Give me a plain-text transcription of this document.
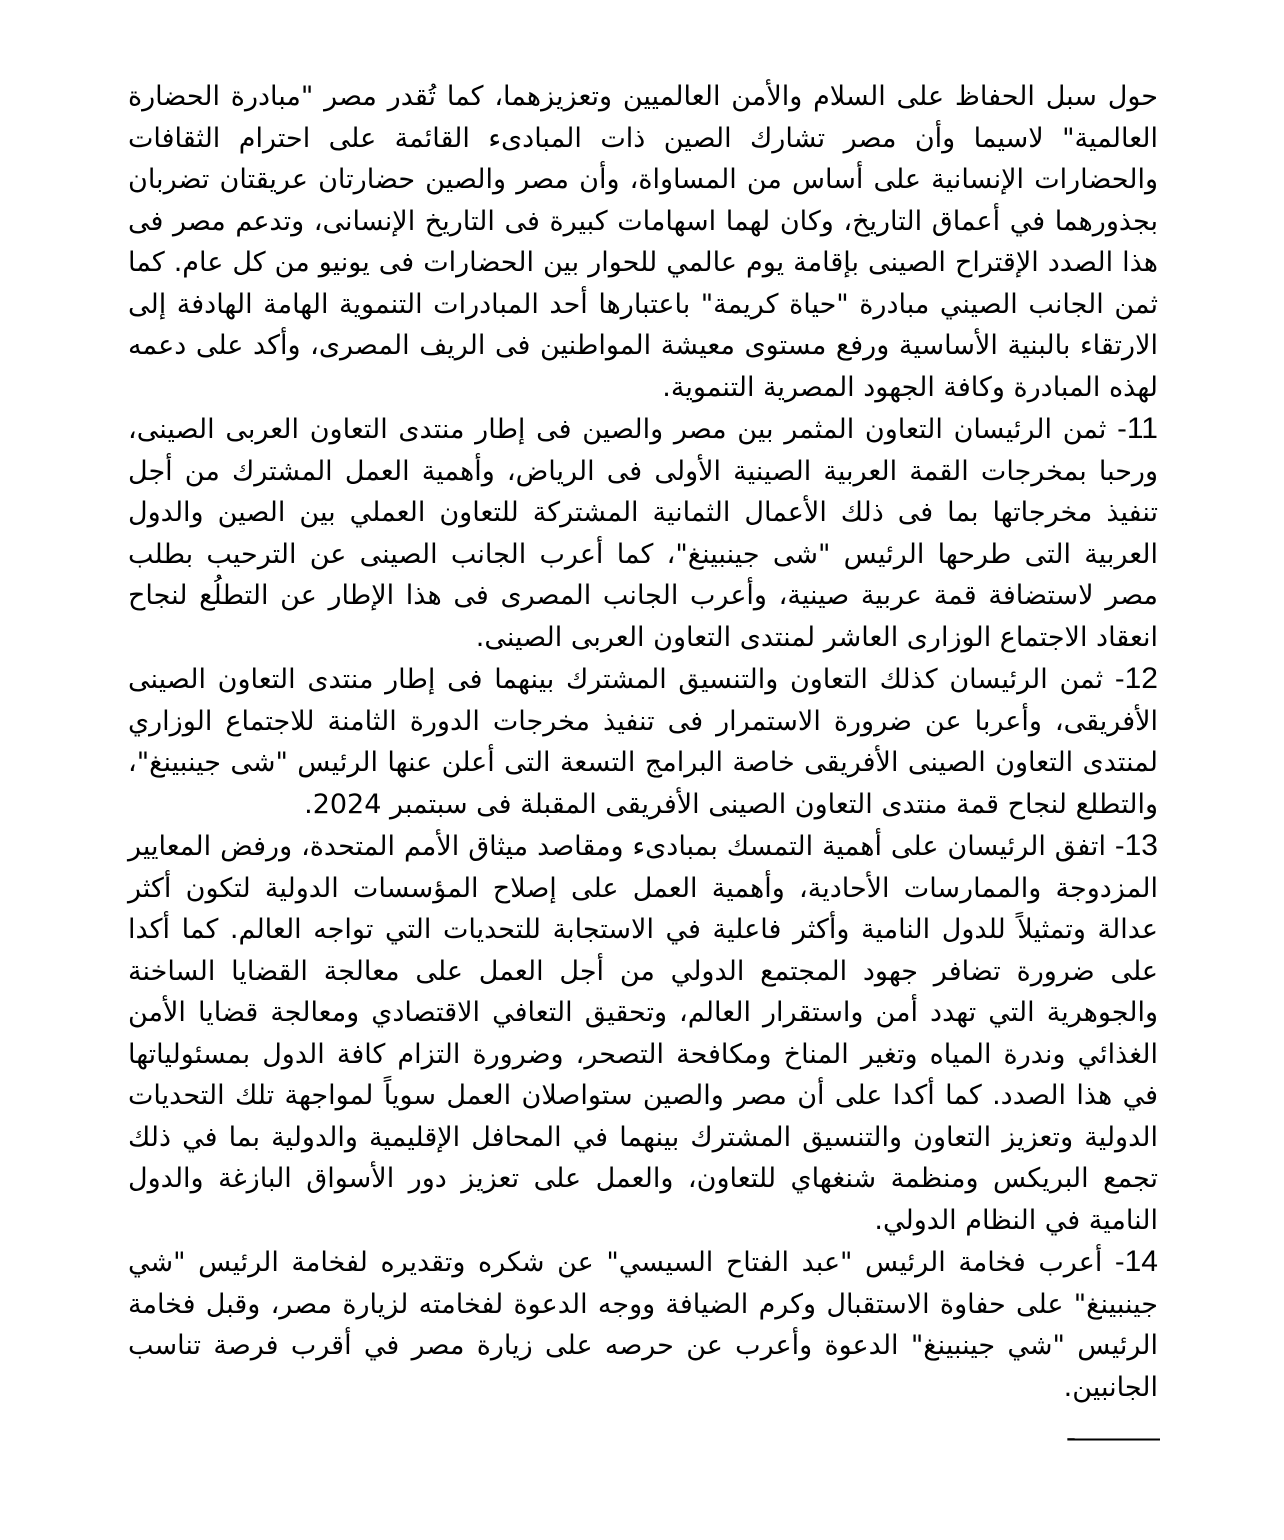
حول سبل الحفاظ على السلام والأمن العالميين وتعزيزهما، كما تُقدر مصر "مبادرة الحضارة العالمية" لاسيما وأن مصر تشارك الصين ذات المبادىء القائمة على احترام الثقافات والحضارات الإنسانية على أساس من المساواة، وأن مصر والصين حضارتان عريقتان تضربان بجذورهما في أعماق التاريخ، وكان لهما اسهامات كبيرة فى التاريخ الإنسانى، وتدعم مصر فى هذا الصدد الإقتراح الصينى بإقامة يوم عالمي للحوار بين الحضارات فى يونيو من كل عام. كما ثمن الجانب الصيني مبادرة "حياة كريمة" باعتبارها أحد المبادرات التنموية الهامة الهادفة إلى الارتقاء بالبنية الأساسية ورفع مستوى معيشة المواطنين فى الريف المصرى، وأكد على دعمه لهذه المبادرة وكافة الجهود المصرية التنموية.

11- ثمن الرئيسان التعاون المثمر بين مصر والصين فى إطار منتدى التعاون العربى الصينى، ورحبا بمخرجات القمة العربية الصينية الأولى فى الرياض، وأهمية العمل المشترك من أجل تنفيذ مخرجاتها بما فى ذلك الأعمال الثمانية المشتركة للتعاون العملي بين الصين والدول العربية التى طرحها الرئيس "شى جينبينغ"، كما أعرب الجانب الصينى عن الترحيب بطلب مصر لاستضافة قمة عربية صينية، وأعرب الجانب المصرى فى هذا الإطار عن التطلُع لنجاح انعقاد الاجتماع الوزارى العاشر لمنتدى التعاون العربى الصينى.

12- ثمن الرئيسان كذلك التعاون والتنسيق المشترك بينهما فى إطار منتدى التعاون الصينى الأفريقى، وأعربا عن ضرورة الاستمرار فى تنفيذ مخرجات الدورة الثامنة للاجتماع الوزاري لمنتدى التعاون الصينى الأفريقى خاصة البرامج التسعة التى أعلن عنها الرئيس "شى جينبينغ"، والتطلع لنجاح قمة منتدى التعاون الصينى الأفريقى المقبلة فى سبتمبر 2024.

13- اتفق الرئيسان على أهمية التمسك بمبادىء ومقاصد ميثاق الأمم المتحدة، ورفض المعايير المزدوجة والممارسات الأحادية، وأهمية العمل على إصلاح المؤسسات الدولية لتكون أكثر عدالة وتمثيلاً للدول النامية وأكثر فاعلية في الاستجابة للتحديات التي تواجه العالم. كما أكدا على ضرورة تضافر جهود المجتمع الدولي من أجل العمل على معالجة القضايا الساخنة والجوهرية التي تهدد أمن واستقرار العالم، وتحقيق التعافي الاقتصادي ومعالجة قضايا الأمن الغذائي وندرة المياه وتغير المناخ ومكافحة التصحر، وضرورة التزام كافة الدول بمسئولياتها في هذا الصدد. كما أكدا على أن مصر والصين ستواصلان العمل سوياً لمواجهة تلك التحديات الدولية وتعزيز التعاون والتنسيق المشترك بينهما في المحافل الإقليمية والدولية بما في ذلك تجمع البريكس ومنظمة شنغهاي للتعاون، والعمل على تعزيز دور الأسواق البازغة والدول النامية في النظام الدولي.

14- أعرب فخامة الرئيس "عبد الفتاح السيسي" عن شكره وتقديره لفخامة الرئيس "شي جينبينغ" على حفاوة الاستقبال وكرم الضيافة ووجه الدعوة لفخامته لزيارة مصر، وقبل فخامة الرئيس "شي جينبينغ" الدعوة وأعرب عن حرصه على زيارة مصر في أقرب فرصة تناسب الجانبين.

———-
